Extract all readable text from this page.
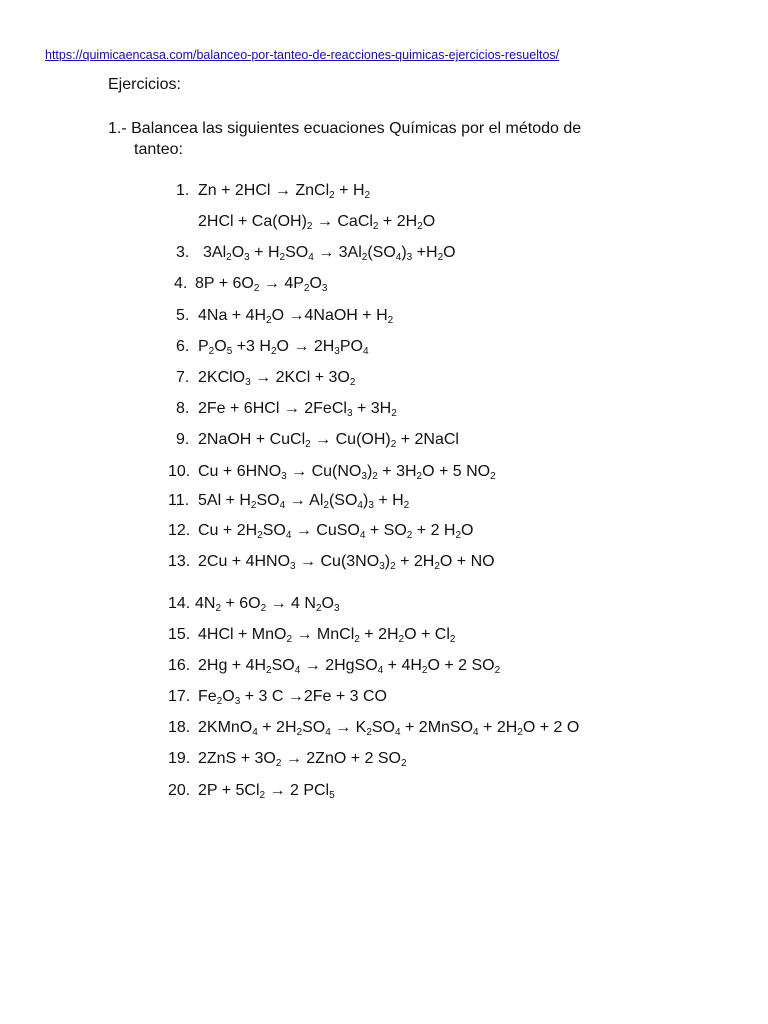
https://quimicaencasa.com/balanceo-por-tanteo-de-reacciones-quimicas-ejercicios-resueltos/
Ejercicios:
1.- Balancea las siguientes ecuaciones Químicas por el método de
tanteo:
1. Zn + 2HCl → ZnCl$_2$ + $H_2$
$2HCl + Ca(OH)_2$ → CaCl$_2$ + $2H_2O$
3. $3Al_2O_3 + H_2SO_4 \to 3Al_2(SO_4)_3 +H_2O$
4. $8P + 6O_2 \to 4P_2O_3$
5. $4Na + 4H_2O$ →4NaOH + $H_2$
6. $P_2O_5 +3$ $H_2O \to 2H_3PO_4$
7. 2KClO$_3$ → $2KCl + 3O_2$
8. 2Fe + 6HCl → 2FeCl$_3$ + $3H_2$
9. 2NaOH + CuCl$_2$ → $Cu(OH)_2$ + 2NaCl
10. $Cu + 6HNO_3 \to Cu(NO_3)_2 + 3H_2O + 5$ $NO_2$
11. $5Al + H_2SO_4 \to Al_2(SO_4)_3 + H_2$
12. $Cu + 2H_2SO_4$ → CuSO$_4$ + $SO_2 + 2$ $H_2O$
13. $2Cu + 4HNO_3 \to Cu(3NO_3)_2 + 2H_2O$ + NO
14. $4N_2 + 6O_2 \to 4$ $N_2O_3$
15. 4HCl + MnO$_2$ → MnCl$_2$ + $2H_2O + Cl_2$
16. $2Hg + 4H_2SO_4$ → 2HgSO$_4$ + $4H_2O + 2$ $SO_2$
17. $Fe_2O_3 + 3$ C →2Fe + 3 CO
18. 2KMnO$_4$ + $2H_2SO_4 \to K_2SO_4$ + 2MnSO$_4$ + $2H_2O + 2$ O
19. $2ZnS + 3O_2 \to 2ZnO + 2$ $SO_2$
20. $2P + 5Cl_2 \to 2$ PCl$_5$
